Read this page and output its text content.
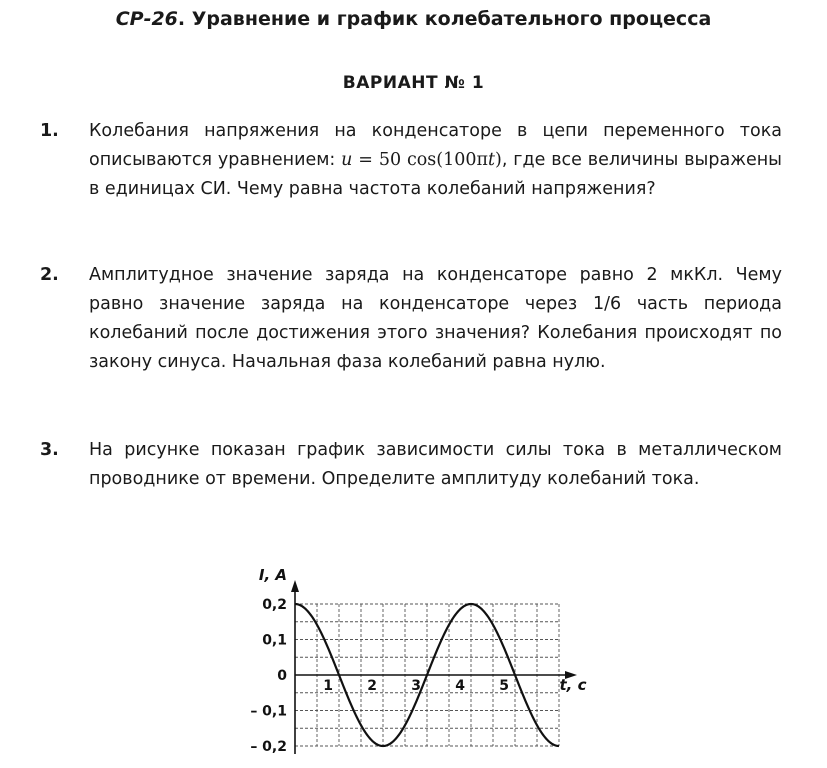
СР-26. Уравнение и график колебательного процесса
ВАРИАНТ № 1
1. Колебания напряжения на конденсаторе в цепи переменного тока описываются уравнением: u = 50 cos(100πt), где все величины выражены в единицах СИ. Чему равна частота колебаний напряжения?
2. Амплитудное значение заряда на конденсаторе равно 2 мкКл. Чему равно значение заряда на конденсаторе через 1/6 часть периода колебаний после достижения этого значения? Колебания происходят по закону синуса. Начальная фаза колебаний равна нулю.
3. На рисунке показан график зависимости силы тока в металлическом проводнике от времени. Определите амплитуду колебаний тока.
1 2 3 4 5
0,2
0,1
0
– 0,1
– 0,2
t, с
I, А
